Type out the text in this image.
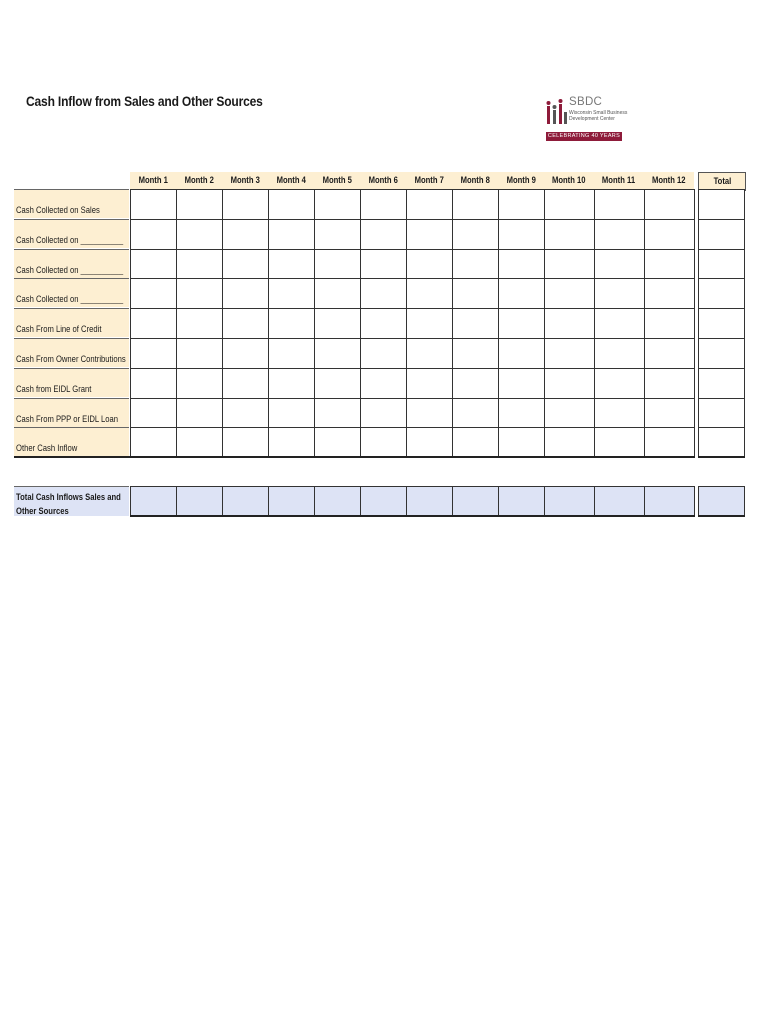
Cash Inflow from Sales and Other Sources	SBDC
Wisconsin Small Business
Development Center
CELEBRATING 40 YEARS
Month 1	Month 2	Month 3	Month 4	Month 5	Month 6	Month 7	Month 8	Month 9	Month 10	Month 11	Month 12	Total
Cash Collected on Sales
Cash Collected on __________
Cash Collected on __________
Cash Collected on __________
Cash From Line of Credit
Cash From Owner Contributions
Cash from EIDL Grant
Cash From PPP or EIDL Loan
Other Cash Inflow
Total Cash Inflows Sales and Other Sources
